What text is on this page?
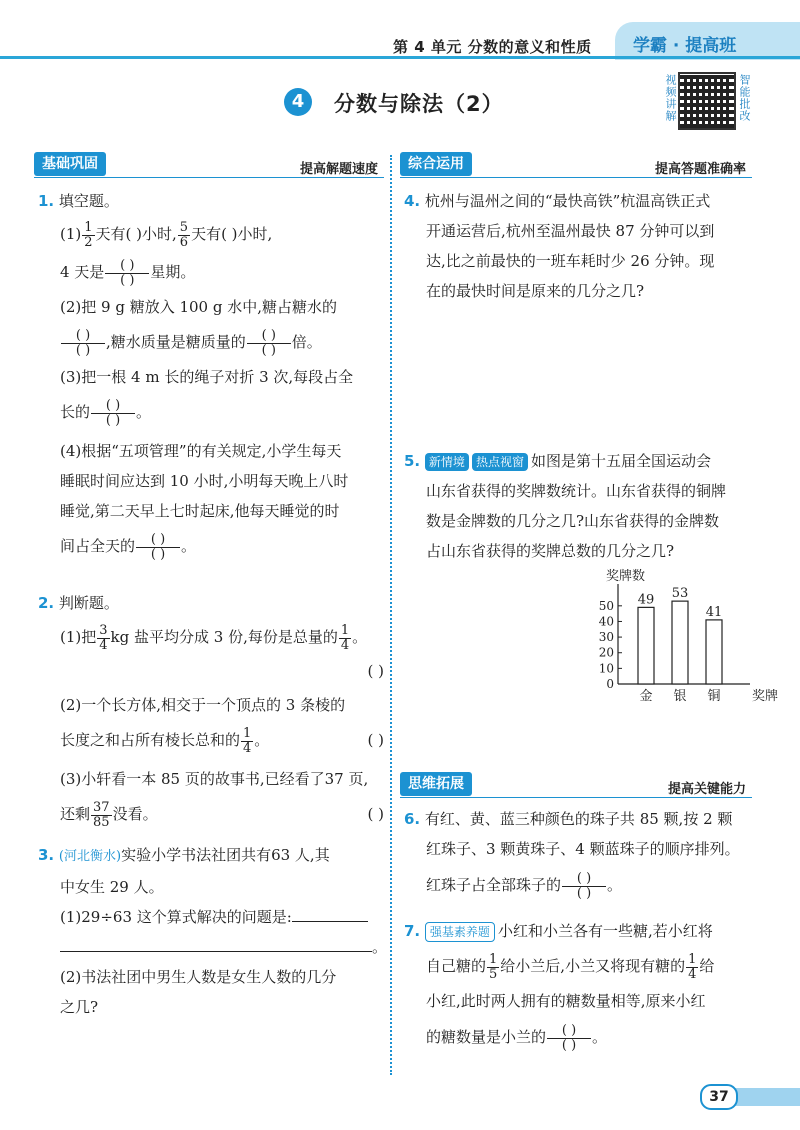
第 4 单元 分数的意义和性质 学霸 · 提高班
4	分数与除法（2）	视频讲解	智能批改
基础巩固	提高解题速度	综合运用	提高答题准确率
思维拓展	提高关键能力
1. 填空题。
$(1) \frac{1}{2}$ 天有( )小时, $\frac{5}{6}$ 天有( )小时,
4 天是 $\frac{( )}{( )}$ 星期。
(2)把 9 g 糖放入 100 g 水中,糖占糖水的
$\frac{( )}{( )}$ ,糖水质量是糖质量的 $\frac{( )}{( )}$ 倍。
(3)把一根 4 m 长的绳子对折 3 次,每段占全
长的 $\frac{( )}{( )}$ 。
(4)根据“五项管理”的有关规定,小学生每天
睡眠时间应达到 10 小时,小明每天晚上八时
睡觉,第二天早上七时起床,他每天睡觉的时
间占全天的 $\frac{( )}{( )}$ 。
2. 判断题。
(1)把 $\frac{3}{4}$ kg 盐平均分成 3 份,每份是总量的 $\frac{1}{4}$ 。
( )
(2)一个长方体,相交于一个顶点的 3 条棱的
长度之和占所有棱长总和的 $\frac{1}{4}$ 。	( )
(3)小轩看一本 85 页的故事书,已经看了37 页,
还剩 $\frac{37}{85}$ 没看。	( )
3. (河北衡水)实验小学书法社团共有63 人,其
中女生 29 人。
(1)29÷63 这个算式解决的问题是:
。
(2)书法社团中男生人数是女生人数的几分
之几?
4. 杭州与温州之间的“最快高铁”杭温高铁正式
开通运营后,杭州至温州最快 87 分钟可以到
达,比之前最快的一班车耗时少 26 分钟。现
在的最快时间是原来的几分之几?
5. 新情境 热点视窗 如图是第十五届全国运动会
山东省获得的奖牌数统计。山东省获得的铜牌
数是金牌数的几分之几?山东省获得的金牌数
占山东省获得的奖牌总数的几分之几?
奖牌数
0
10
20
30
40
50 49
金
53
银
41
铜 奖牌
6. 有红、黄、蓝三种颜色的珠子共 85 颗,按 2 颗
红珠子、3 颗黄珠子、4 颗蓝珠子的顺序排列。
红珠子占全部珠子的 $\frac{( )}{( )}$ 。
7. 强基素养题 小红和小兰各有一些糖,若小红将
自己糖的 $\frac{1}{5}$ 给小兰后,小兰又将现有糖的 $\frac{1}{4}$ 给
小红,此时两人拥有的糖数量相等,原来小红
的糖数量是小兰的 $\frac{( )}{( )}$ 。
37
